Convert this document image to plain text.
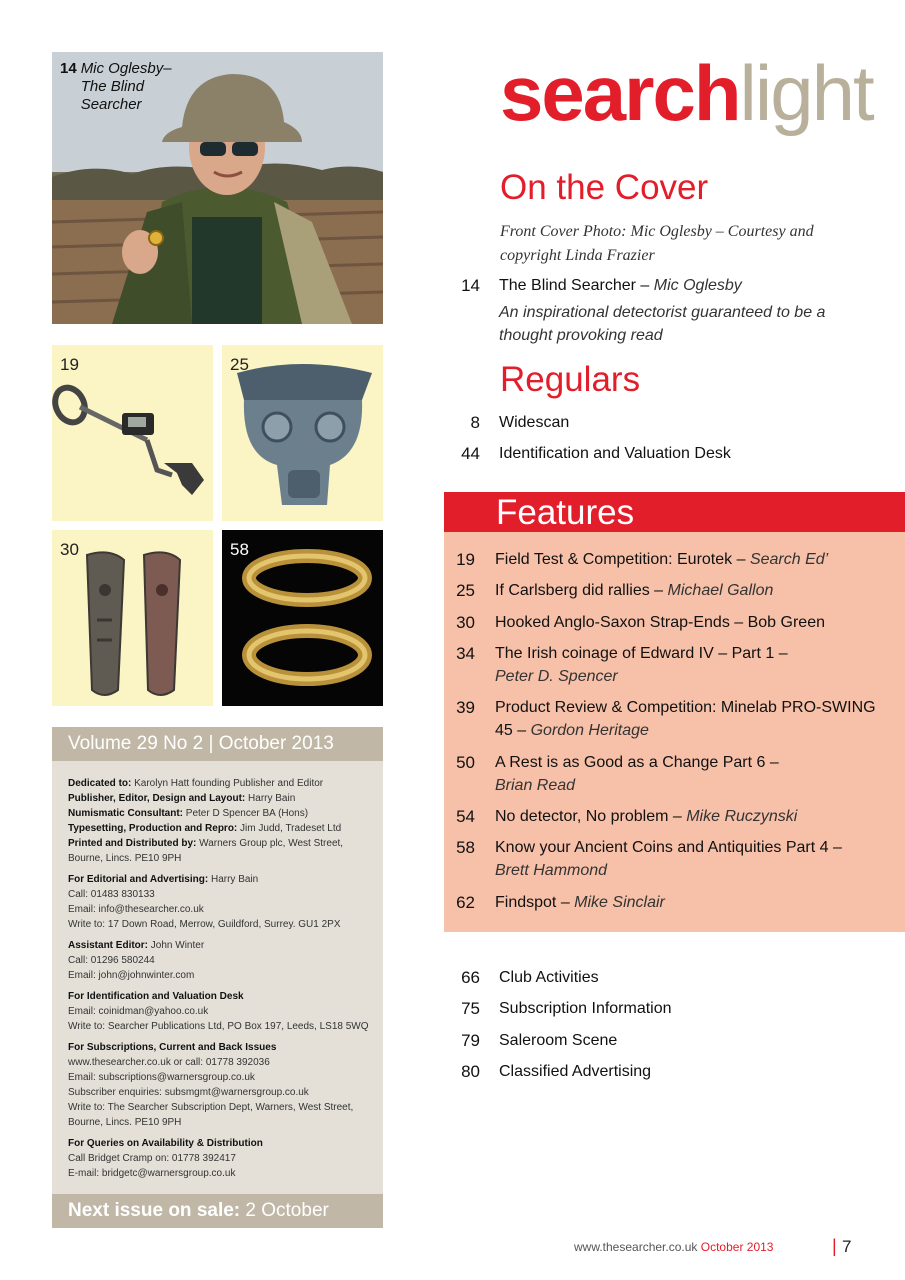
14 Mic Oglesby–
The Blind
Searcher
19	25
30	58
Volume 29 No 2 | October 2013

Dedicated to: Karolyn Hatt founding Publisher and Editor

Publisher, Editor, Design and Layout: Harry Bain

Numismatic Consultant: Peter D Spencer BA (Hons)

Typesetting, Production and Repro: Jim Judd, Tradeset Ltd

Printed and Distributed by: Warners Group plc, West Street,

Bourne, Lincs. PE10 9PH

For Editorial and Advertising: Harry Bain

Call: 01483 830133

Email: info@thesearcher.co.uk

Write to: 17 Down Road, Merrow, Guildford, Surrey. GU1 2PX

Assistant Editor: John Winter

Call: 01296 580244

Email: john@johnwinter.com

For Identification and Valuation Desk

Email: coinidman@yahoo.co.uk

Write to: Searcher Publications Ltd, PO Box 197, Leeds, LS18 5WQ

For Subscriptions, Current and Back Issues

www.thesearcher.co.uk or call: 01778 392036

Email: subscriptions@warnersgroup.co.uk

Subscriber enquiries: subsmgmt@warnersgroup.co.uk

Write to: The Searcher Subscription Dept, Warners, West Street,

Bourne, Lincs. PE10 9PH

For Queries on Availability & Distribution

Call Bridget Cramp on: 01778 392417

E-mail: bridgetc@warnersgroup.co.uk

Next issue on sale: 2 October
searchlight
On the Cover
Front Cover Photo: Mic Oglesby – Courtesy and copyright Linda Frazier
14 The Blind Searcher – Mic Oglesby
An inspirational detectorist guaranteed to be a thought provoking read
Regulars
8 Widescan
44 Identification and Valuation Desk
Features
19 Field Test & Competition: Eurotek – Search Ed’
25 If Carlsberg did rallies – Michael Gallon
30 Hooked Anglo-Saxon Strap-Ends – Bob Green
34 The Irish coinage of Edward IV – Part 1 –
Peter D. Spencer
39 Product Review & Competition: Minelab PRO-SWING 45 – Gordon Heritage
50 A Rest is as Good as a Change Part 6 –
Brian Read
54 No detector, No problem – Mike Ruczynski
58 Know your Ancient Coins and Antiquities Part 4 –
Brett Hammond
62 Findspot – Mike Sinclair
66 Club Activities
75 Subscription Information
79 Saleroom Scene
80 Classified Advertising
www.thesearcher.co.uk October 2013	| 7
